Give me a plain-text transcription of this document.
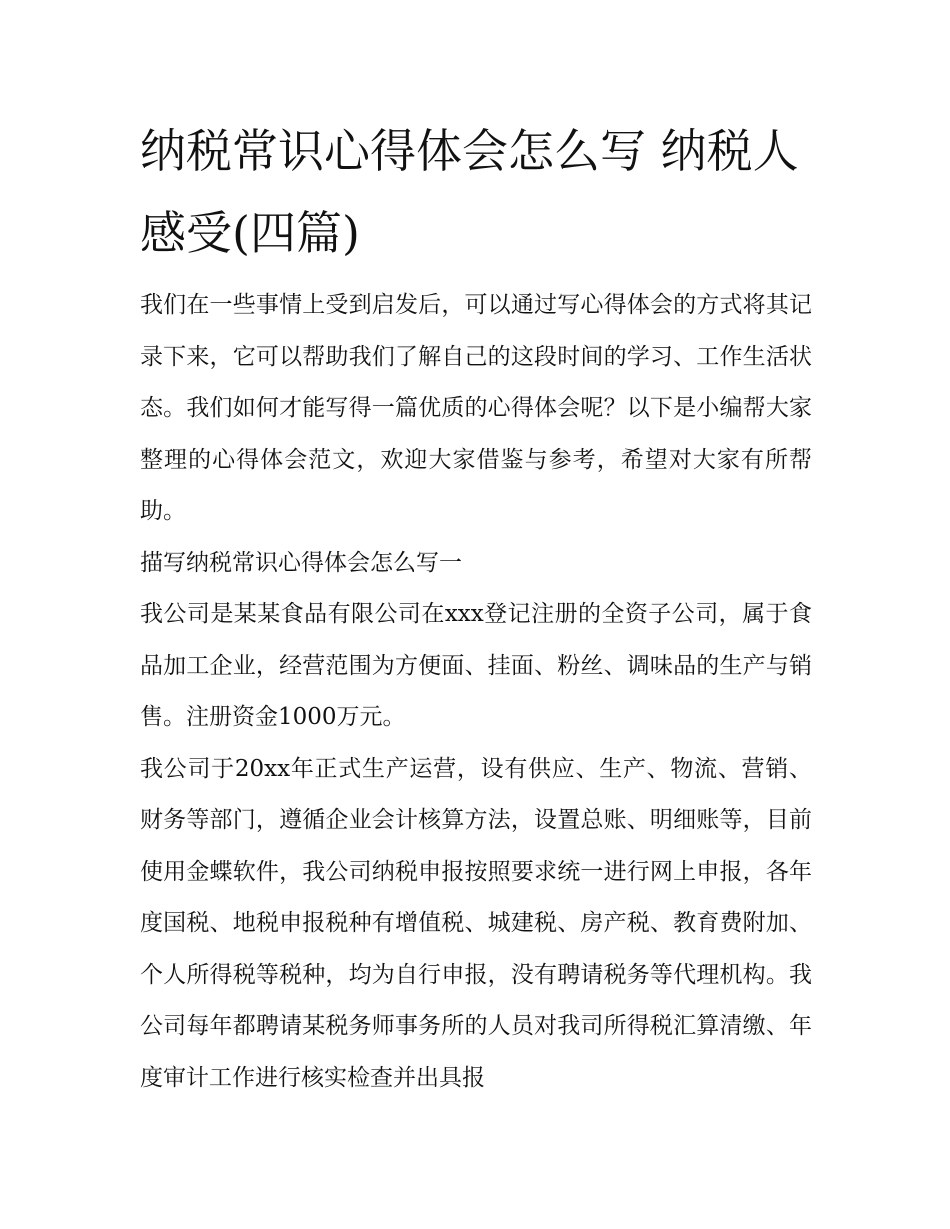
纳税常识心得体会怎么写 纳税人感受(四篇)

我们在一些事情上受到启发后，可以通过写心得体会的方式将其记录下来，它可以帮助我们了解自己的这段时间的学习、工作生活状态。我们如何才能写得一篇优质的心得体会呢？以下是小编帮大家整理的心得体会范文，欢迎大家借鉴与参考，希望对大家有所帮助。

描写纳税常识心得体会怎么写一

我公司是某某食品有限公司在xxx登记注册的全资子公司，属于食品加工企业，经营范围为方便面、挂面、粉丝、调味品的生产与销售。注册资金1000万元。

我公司于20xx年正式生产运营，设有供应、生产、物流、营销、财务等部门，遵循企业会计核算方法，设置总账、明细账等，目前使用金蝶软件，我公司纳税申报按照要求统一进行网上申报，各年度国税、地税申报税种有增值税、城建税、房产税、教育费附加、个人所得税等税种，均为自行申报，没有聘请税务等代理机构。我公司每年都聘请某税务师事务所的人员对我司所得税汇算清缴、年度审计工作进行核实检查并出具报
